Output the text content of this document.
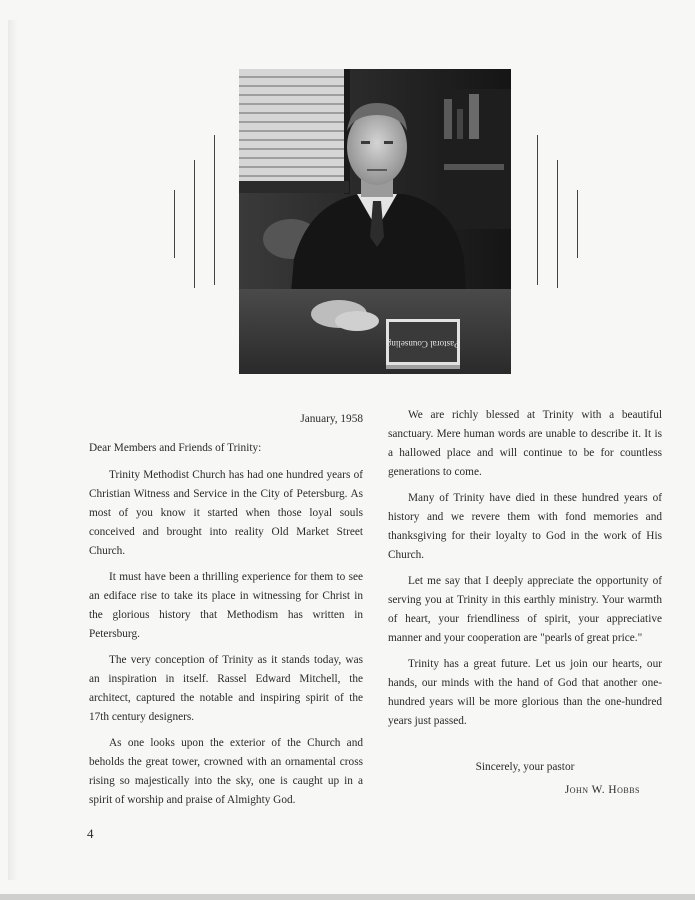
Pastoral Counseling

January, 1958

Dear Members and Friends of Trinity:

Trinity Methodist Church has had one hundred years of Christian Witness and Service in the City of Petersburg. As most of you know it started when those loyal souls conceived and brought into reality Old Market Street Church.

It must have been a thrilling experience for them to see an ediface rise to take its place in witnessing for Christ in the glorious history that Methodism has written in Petersburg.

The very conception of Trinity as it stands today, was an inspiration in itself. Rassel Edward Mitchell, the architect, captured the notable and inspiring spirit of the 17th century designers.

As one looks upon the exterior of the Church and beholds the great tower, crowned with an ornamental cross rising so majestically into the sky, one is caught up in a spirit of worship and praise of Almighty God.

We are richly blessed at Trinity with a beautiful sanctuary. Mere human words are unable to describe it. It is a hallowed place and will continue to be for countless generations to come.

Many of Trinity have died in these hundred years of history and we revere them with fond memories and thanksgiving for their loyalty to God in the work of His Church.

Let me say that I deeply appreciate the opportunity of serving you at Trinity in this earthly ministry. Your warmth of heart, your friendliness of spirit, your appreciative manner and your cooperation are "pearls of great price."

Trinity has a great future. Let us join our hearts, our hands, our minds with the hand of God that another one-hundred years will be more glorious than the one-hundred years just passed.

Sincerely, your pastor

John W. Hobbs

4
